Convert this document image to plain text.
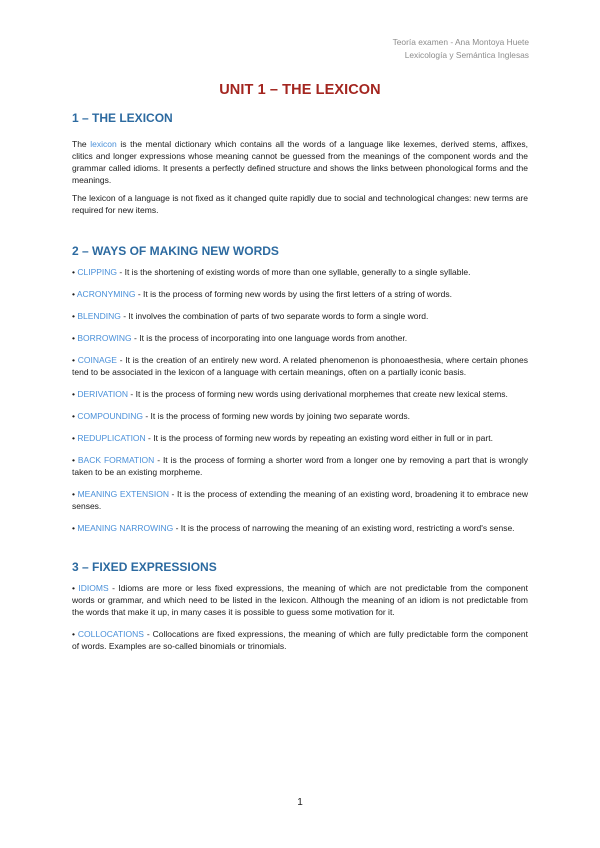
Teoría examen - Ana Montoya Huete
Lexicología y Semántica Inglesas
UNIT 1 – THE LEXICON
1 – THE LEXICON

The lexicon is the mental dictionary which contains all the words of a language like lexemes, derived stems, affixes, clitics and longer expressions whose meaning cannot be guessed from the meanings of the component words and the grammar called idioms. It presents a perfectly defined structure and shows the links between phonological forms and the meanings.

The lexicon of a language is not fixed as it changed quite rapidly due to social and technological changes: new terms are required for new items.

2 – WAYS OF MAKING NEW WORDS

• CLIPPING - It is the shortening of existing words of more than one syllable, generally to a single syllable.

• ACRONYMING - It is the process of forming new words by using the first letters of a string of words.

• BLENDING - It involves the combination of parts of two separate words to form a single word.

• BORROWING - It is the process of incorporating into one language words from another.

• COINAGE - It is the creation of an entirely new word. A related phenomenon is phonoaesthesia, where certain phones tend to be associated in the lexicon of a language with certain meanings, often on a partially iconic basis.

• DERIVATION - It is the process of forming new words using derivational morphemes that create new lexical stems.

• COMPOUNDING - It is the process of forming new words by joining two separate words.

• REDUPLICATION - It is the process of forming new words by repeating an existing word either in full or in part.

• BACK FORMATION - It is the process of forming a shorter word from a longer one by removing a part that is wrongly taken to be an existing morpheme.

• MEANING EXTENSION - It is the process of extending the meaning of an existing word, broadening it to embrace new senses.

• MEANING NARROWING - It is the process of narrowing the meaning of an existing word, restricting a word's sense.

3 – FIXED EXPRESSIONS

• IDIOMS - Idioms are more or less fixed expressions, the meaning of which are not predictable from the component words or grammar, and which need to be listed in the lexicon. Although the meaning of an idiom is not predictable from the words that make it up, in many cases it is possible to guess some motivation for it.

• COLLOCATIONS - Collocations are fixed expressions, the meaning of which are fully predictable form the component of words. Examples are so-called binomials or trinomials.

1
